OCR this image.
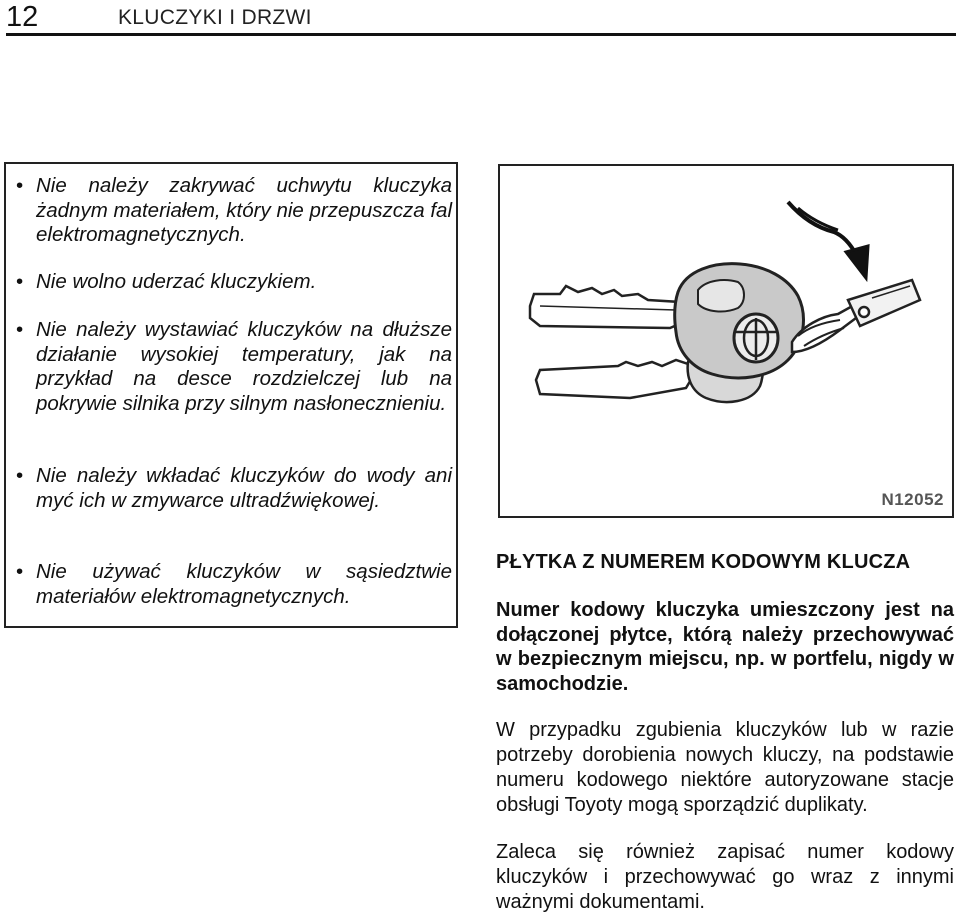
12	KLUCZYKI I DRZWI
• Nie należy zakrywać uchwytu kluczyka żadnym materiałem, który nie przepuszcza fal elektromagnetycznych.
• Nie wolno uderzać kluczykiem.
• Nie należy wystawiać kluczyków na dłuższe działanie wysokiej temperatury, jak na przykład na desce rozdzielczej lub na pokrywie silnika przy silnym nasłonecznieniu.
• Nie należy wkładać kluczyków do wody ani myć ich w zmywarce ultradźwiękowej.
• Nie używać kluczyków w sąsiedztwie materiałów elektromagnetycznych.
N12052
PŁYTKA Z NUMEREM KODOWYM KLUCZA
Numer kodowy kluczyka umieszczony jest na dołączonej płytce, którą należy przechowywać w bezpiecznym miejscu, np. w portfelu, nigdy w samochodzie.
W przypadku zgubienia kluczyków lub w razie potrzeby dorobienia nowych kluczy, na podstawie numeru kodowego niektóre autoryzowane stacje obsługi Toyoty mogą sporządzić duplikaty.
Zaleca się również zapisać numer kodowy kluczyków i przechowywać go wraz z innymi ważnymi dokumentami.
